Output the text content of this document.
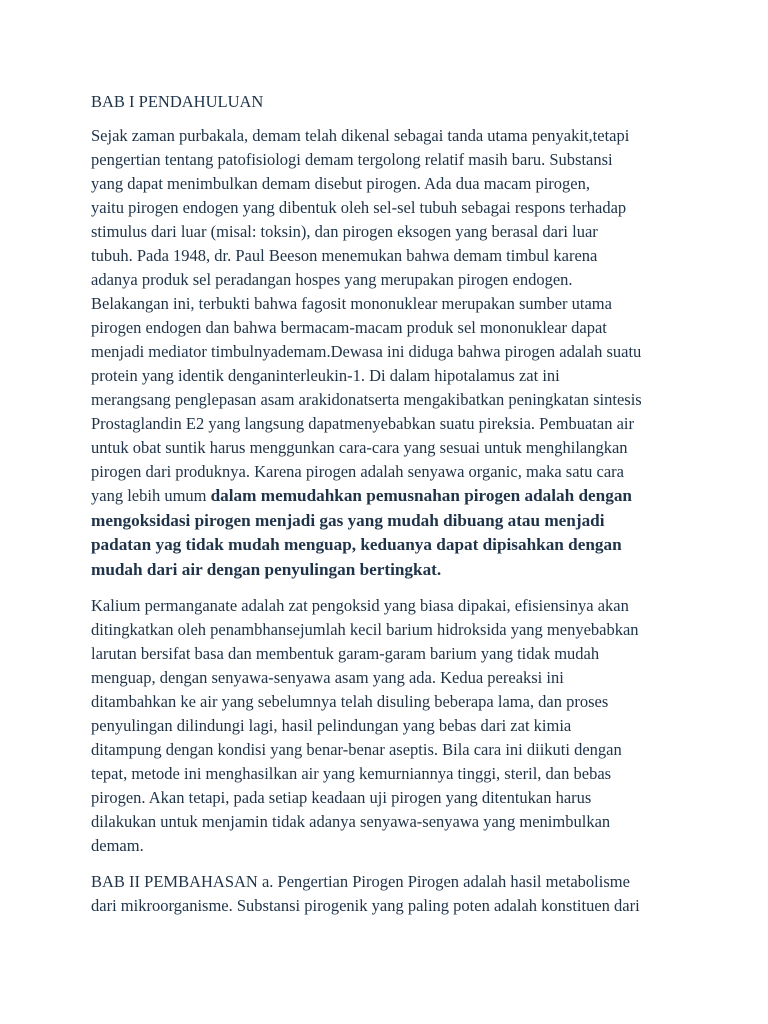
BAB I PENDAHULUAN
Sejak zaman purbakala, demam telah dikenal sebagai tanda utama penyakit,tetapi
pengertian tentang patofisiologi demam tergolong relatif masih baru. Substansi
yang dapat menimbulkan demam disebut pirogen. Ada dua macam pirogen,
yaitu pirogen endogen yang dibentuk oleh sel-sel tubuh sebagai respons terhadap
stimulus dari luar (misal: toksin), dan pirogen eksogen yang berasal dari luar
tubuh. Pada 1948, dr. Paul Beeson menemukan bahwa demam timbul karena
adanya produk sel peradangan hospes yang merupakan pirogen endogen.
Belakangan ini, terbukti bahwa fagosit mononuklear merupakan sumber utama
pirogen endogen dan bahwa bermacam-macam produk sel mononuklear dapat
menjadi mediator timbulnyademam.Dewasa ini diduga bahwa pirogen adalah suatu
protein yang identik denganinterleukin-1. Di dalam hipotalamus zat ini
merangsang penglepasan asam arakidonatserta mengakibatkan peningkatan sintesis
Prostaglandin E2 yang langsung dapatmenyebabkan suatu pireksia. Pembuatan air
untuk obat suntik harus menggunkan cara-cara yang sesuai untuk menghilangkan
pirogen dari produknya. Karena pirogen adalah senyawa organic, maka satu cara
yang lebih umum dalam memudahkan pemusnahan pirogen adalah dengan
mengoksidasi pirogen menjadi gas yang mudah dibuang atau menjadi
padatan yag tidak mudah menguap, keduanya dapat dipisahkan dengan
mudah dari air dengan penyulingan bertingkat.
Kalium permanganate adalah zat pengoksid yang biasa dipakai, efisiensinya akan
ditingkatkan oleh penambhansejumlah kecil barium hidroksida yang menyebabkan
larutan bersifat basa dan membentuk garam-garam barium yang tidak mudah
menguap, dengan senyawa-senyawa asam yang ada. Kedua pereaksi ini
ditambahkan ke air yang sebelumnya telah disuling beberapa lama, dan proses
penyulingan dilindungi lagi, hasil pelindungan yang bebas dari zat kimia
ditampung dengan kondisi yang benar-benar aseptis. Bila cara ini diikuti dengan
tepat, metode ini menghasilkan air yang kemurniannya tinggi, steril, dan bebas
pirogen. Akan tetapi, pada setiap keadaan uji pirogen yang ditentukan harus
dilakukan untuk menjamin tidak adanya senyawa-senyawa yang menimbulkan
demam.
BAB II PEMBAHASAN a. Pengertian Pirogen Pirogen adalah hasil metabolisme
dari mikroorganisme. Substansi pirogenik yang paling poten adalah konstituen dari
